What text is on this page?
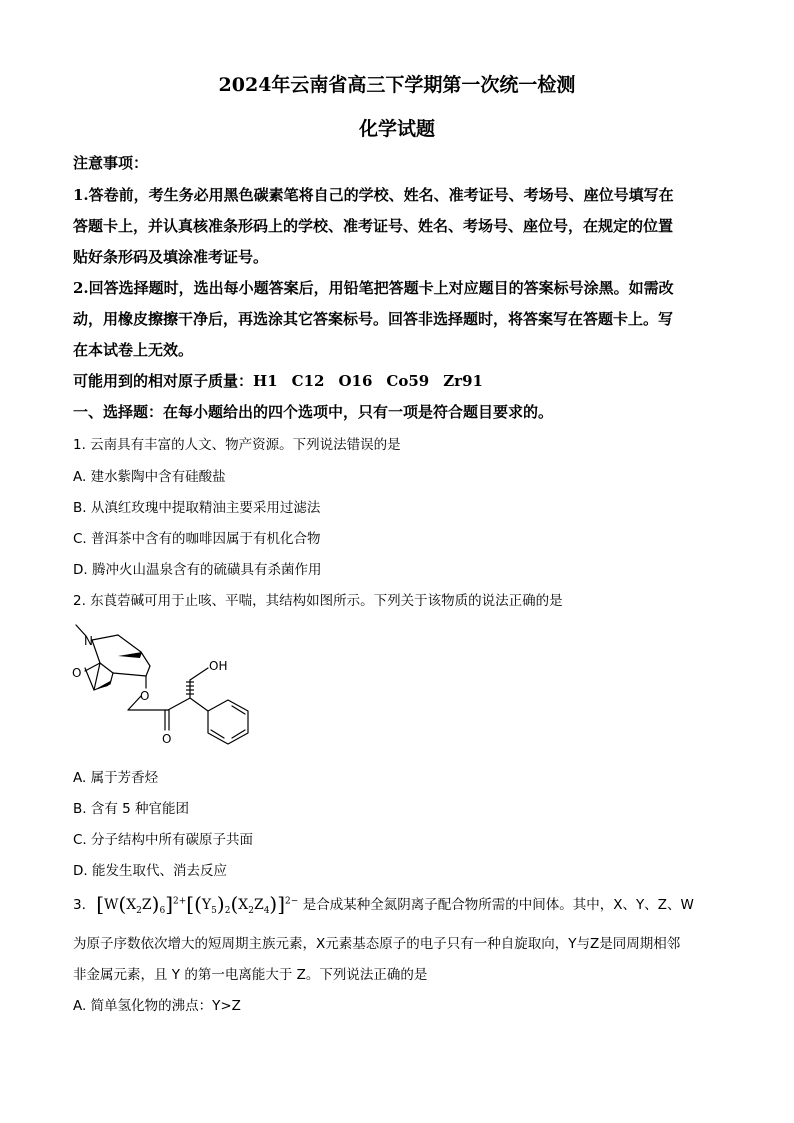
2024年云南省高三下学期第一次统一检测
化学试题
注意事项：
1.答卷前，考生务必用黑色碳素笔将自己的学校、姓名、准考证号、考场号、座位号填写在
答题卡上，并认真核准条形码上的学校、准考证号、姓名、考场号、座位号，在规定的位置
贴好条形码及填涂准考证号。
2.回答选择题时，选出每小题答案后，用铅笔把答题卡上对应题目的答案标号涂黑。如需改
动，用橡皮擦擦干净后，再选涂其它答案标号。回答非选择题时，将答案写在答题卡上。写
在本试卷上无效。
可能用到的相对原子质量：H1 C12 O16 Co59 Zr91
一、选择题：在每小题给出的四个选项中，只有一项是符合题目要求的。
1. 云南具有丰富的人文、物产资源。下列说法错误的是
A. 建水紫陶中含有硅酸盐
B. 从滇红玫瑰中提取精油主要采用过滤法
C. 普洱茶中含有的咖啡因属于有机化合物
D. 腾冲火山温泉含有的硫磺具有杀菌作用
2. 东莨菪碱可用于止咳、平喘，其结构如图所示。下列关于该物质的说法正确的是
N
O
O
O
OH
A. 属于芳香烃
B. 含有 5 种官能团
C. 分子结构中所有碳原子共面
D. 能发生取代、消去反应
3. $[W(X_2Z)_6]^{2+}[(Y_5)_2(X_2Z_4)]^{2-}$ 是合成某种全氮阴离子配合物所需的中间体。其中，X、Y、Z、W
为原子序数依次增大的短周期主族元素，X元素基态原子的电子只有一种自旋取向，Y与Z是同周期相邻
非金属元素，且 Y 的第一电离能大于 Z。下列说法正确的是
A. 简单氢化物的沸点：Y>Z
